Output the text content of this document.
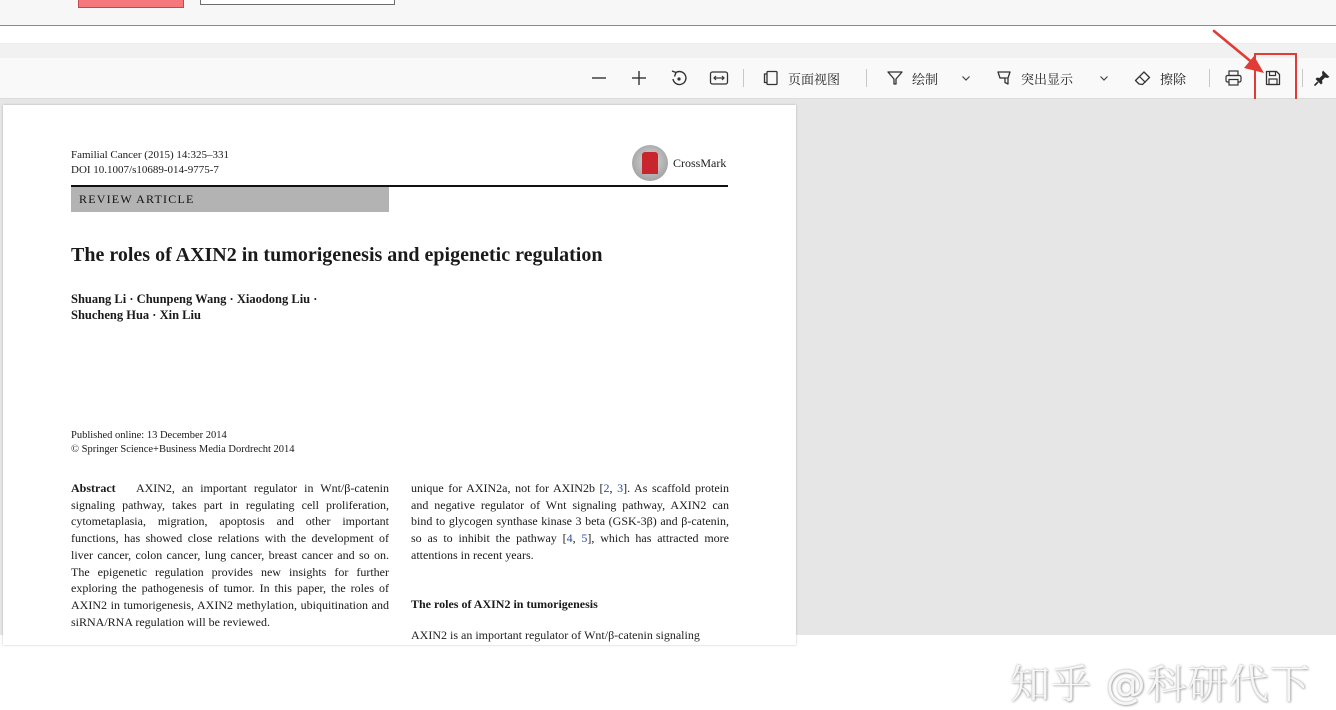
页面视图	绘制	突出显示	擦除
Familial Cancer (2015) 14:325–331
DOI 10.1007/s10689-014-9775-7
CrossMark
REVIEW ARTICLE
The roles of AXIN2 in tumorigenesis and epigenetic regulation
Shuang Li · Chunpeng Wang · Xiaodong Liu ·
Shucheng Hua · Xin Liu
Published online: 13 December 2014
© Springer Science+Business Media Dordrecht 2014
Abstract AXIN2, an important regulator in Wnt/β-catenin signaling pathway, takes part in regulating cell proliferation, cytometaplasia, migration, apoptosis and other important functions, has showed close relations with the development of liver cancer, colon cancer, lung cancer, breast cancer and so on. The epigenetic regulation provides new insights for further exploring the pathogenesis of tumor. In this paper, the roles of AXIN2 in tumorigenesis, AXIN2 methylation, ubiquitination and siRNA/RNA regulation will be reviewed.
unique for AXIN2a, not for AXIN2b [2, 3]. As scaffold protein and negative regulator of Wnt signaling pathway, AXIN2 can bind to glycogen synthase kinase 3 beta (GSK-3β) and β-catenin, so as to inhibit the pathway [4, 5], which has attracted more attentions in recent years.
The roles of AXIN2 in tumorigenesis
AXIN2 is an important regulator of Wnt/β-catenin signaling
知乎 @科研代下
